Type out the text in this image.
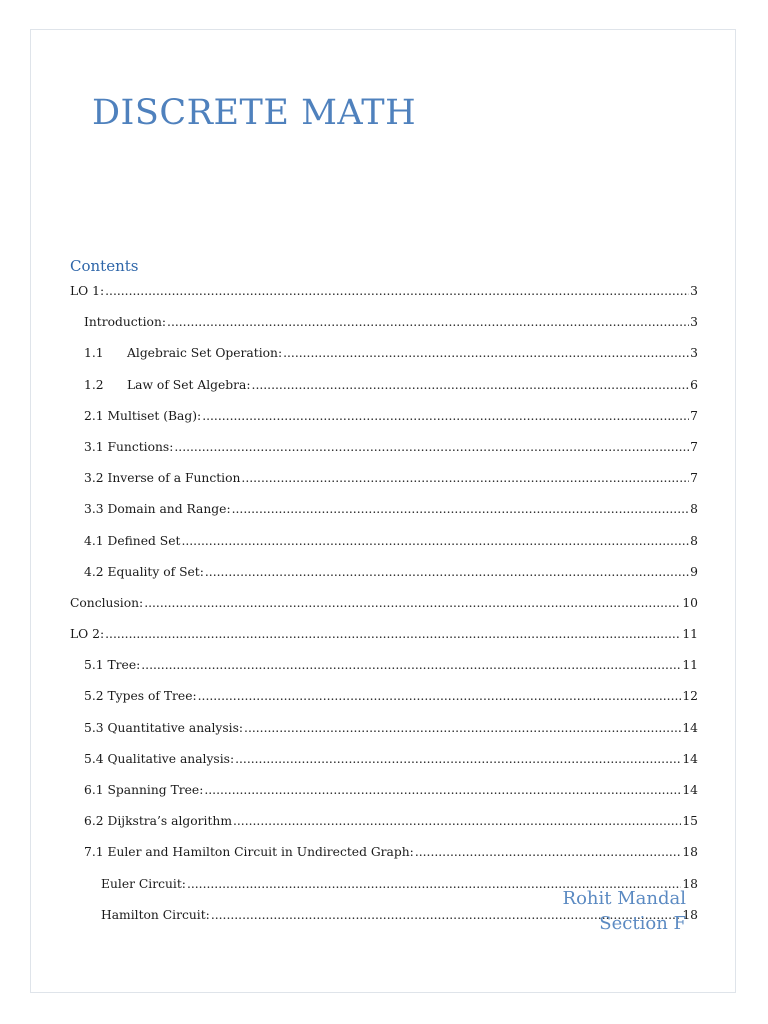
DISCRETE MATH
Contents
LO 1: .....	3
Introduction: .....	3
1.1	Algebraic Set Operation: .....	3
1.2	Law of Set Algebra: .....	6
2.1 Multiset (Bag): .....	7
3.1 Functions: .....	7
3.2 Inverse of a Function .....	7
3.3 Domain and Range: .....	8
4.1 Defined Set .....	8
4.2 Equality of Set: .....	9
Conclusion: .....	10
LO 2: .....	11
5.1 Tree: .....	11
5.2 Types of Tree: .....	12
5.3 Quantitative analysis: .....	14
5.4 Qualitative analysis: .....	14
6.1 Spanning Tree: .....	14
6.2 Dijkstra’s algorithm .....	15
7.1 Euler and Hamilton Circuit in Undirected Graph: .....	18
Euler Circuit: .....	18
Hamilton Circuit: .....	18
Rohit Mandal
Section F
